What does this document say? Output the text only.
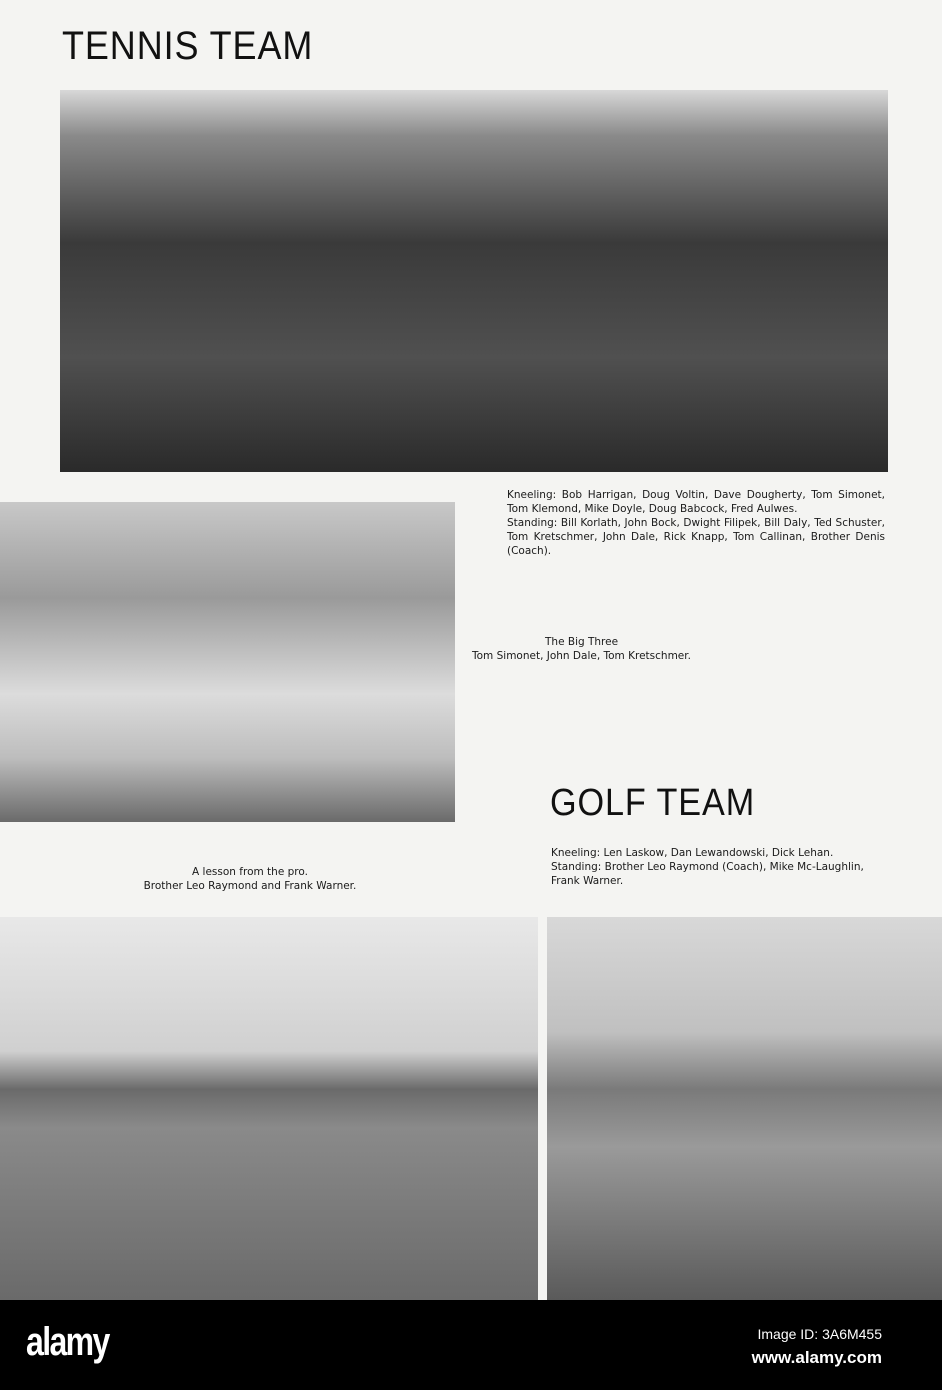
TENNIS TEAM
Kneeling: Bob Harrigan, Doug Voltin, Dave Dougherty, Tom Simonet, Tom Klemond, Mike Doyle, Doug Babcock, Fred Aulwes.
Standing: Bill Korlath, John Bock, Dwight Filipek, Bill Daly, Ted Schuster, Tom Kretschmer, John Dale, Rick Knapp, Tom Callinan, Brother Denis (Coach).
The Big Three
Tom Simonet, John Dale, Tom Kretschmer.
GOLF TEAM
Kneeling: Len Laskow, Dan Lewandowski, Dick Lehan.
Standing: Brother Leo Raymond (Coach), Mike Mc-Laughlin, Frank Warner.
A lesson from the pro.
Brother Leo Raymond and Frank Warner.
alamy	Image ID: 3A6M455
www.alamy.com
